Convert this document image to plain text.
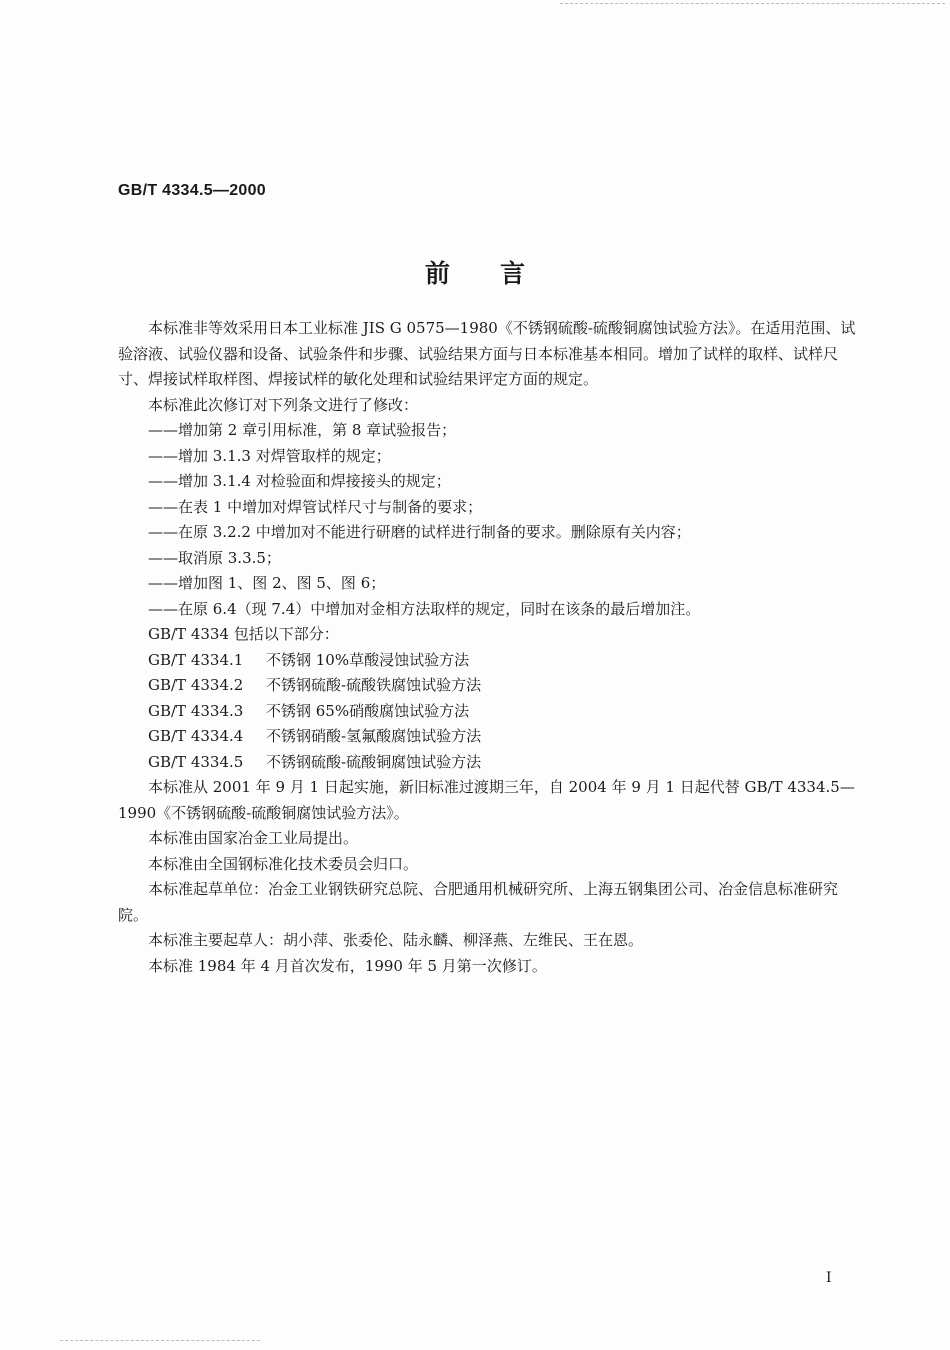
GB/T 4334.5—2000
前言

本标准非等效采用日本工业标准 JIS G 0575—1980《不锈钢硫酸-硫酸铜腐蚀试验方法》。在适用范围、试验溶液、试验仪器和设备、试验条件和步骤、试验结果方面与日本标准基本相同。增加了试样的取样、试样尺寸、焊接试样取样图、焊接试样的敏化处理和试验结果评定方面的规定。

本标准此次修订对下列条文进行了修改：

——增加第 2 章引用标准，第 8 章试验报告；

——增加 3.1.3 对焊管取样的规定；

——增加 3.1.4 对检验面和焊接接头的规定；

——在表 1 中增加对焊管试样尺寸与制备的要求；

——在原 3.2.2 中增加对不能进行研磨的试样进行制备的要求。删除原有关内容；

——取消原 3.3.5；

——增加图 1、图 2、图 5、图 6；

——在原 6.4（现 7.4）中增加对金相方法取样的规定，同时在该条的最后增加注。

GB/T 4334 包括以下部分：

GB/T 4334.1 不锈钢 10%草酸浸蚀试验方法

GB/T 4334.2 不锈钢硫酸-硫酸铁腐蚀试验方法

GB/T 4334.3 不锈钢 65%硝酸腐蚀试验方法

GB/T 4334.4 不锈钢硝酸-氢氟酸腐蚀试验方法

GB/T 4334.5 不锈钢硫酸-硫酸铜腐蚀试验方法

本标准从 2001 年 9 月 1 日起实施，新旧标准过渡期三年，自 2004 年 9 月 1 日起代替 GB/T 4334.5—1990《不锈钢硫酸-硫酸铜腐蚀试验方法》。

本标准由国家冶金工业局提出。

本标准由全国钢标准化技术委员会归口。

本标准起草单位：冶金工业钢铁研究总院、合肥通用机械研究所、上海五钢集团公司、冶金信息标准研究院。

本标准主要起草人：胡小萍、张委伦、陆永麟、柳泽燕、左维民、王在恩。

本标准 1984 年 4 月首次发布，1990 年 5 月第一次修订。

I
